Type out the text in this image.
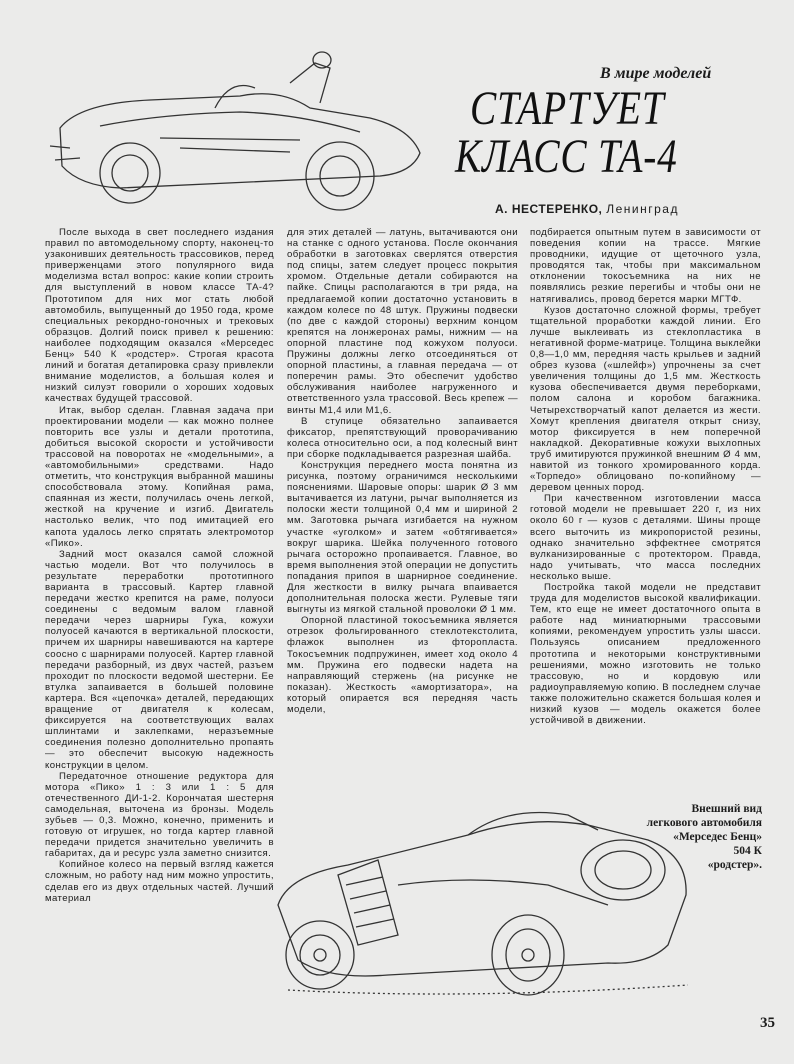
В мире моделей
СТАРТУЕТ
КЛАСС ТА-4
А. НЕСТЕРЕНКО, Ленинград

После выхода в свет последнего издания правил по автомодельному спорту, наконец-то узаконивших деятельность трассовиков, перед приверженцами этого популярного вида моделизма встал вопрос: какие копии строить для выступлений в новом классе ТА-4? Прототипом для них мог стать любой автомобиль, выпущенный до 1950 года, кроме специальных рекордно-гоночных и трековых образцов. Долгий поиск привел к решению: наиболее подходящим оказался «Мерседес Бенц» 540 К «родстер». Строгая красота линий и богатая детапировка сразу привлекли внимание моделистов, а большая колея и низкий силуэт говорили о хороших ходовых качествах будущей трассовой.

Итак, выбор сделан. Главная задача при проектировании модели — как можно полнее повторить все узлы и детали прототипа, добиться высокой скорости и устойчивости трассовой на поворотах не «модельными», а «автомобильными» средствами. Надо отметить, что конструкция выбранной машины способствовала этому. Копийная рама, спаянная из жести, получилась очень легкой, жесткой на кручение и изгиб. Двигатель настолько велик, что под имитацией его капота удалось легко спрятать электромотор «Пико».

Задний мост оказался самой сложной частью модели. Вот что получилось в результате переработки прототипного варианта в трассовый. Картер главной передачи жестко крепится на раме, полуоси соединены с ведомым валом главной передачи через шарниры Гука, кожухи полуосей качаются в вертикальной плоскости, причем их шарниры навешиваются на картере соосно с шарнирами полуосей. Картер главной передачи разборный, из двух частей, разъем проходит по плоскости ведомой шестерни. Ее втулка запаивается в большей половине картера. Вся «цепочка» деталей, передающих вращение от двигателя к колесам, фиксируется на соответствующих валах шплинтами и заклепками, неразъемные соединения полезно дополнительно пропаять — это обеспечит высокую надежность конструкции в целом.

Передаточное отношение редуктора для мотора «Пико» 1 : 3 или 1 : 5 для отечественного ДИ-1-2. Корончатая шестерня самодельная, выточена из бронзы. Модель зубьев — 0,3. Можно, конечно, применить и готовую от игрушек, но тогда картер главной передачи придется значительно увеличить в габаритах, да и ресурс узла заметно снизится.

Копийное колесо на первый взгляд кажется сложным, но работу над ним можно упростить, сделав его из двух отдельных частей. Лучший материал

для этих деталей — латунь, вытачиваются они на станке с одного установа. После окончания обработки в заготовках сверлятся отверстия под спицы, затем следует процесс покрытия хромом. Отдельные детали собираются на пайке. Спицы располагаются в три ряда, на предлагаемой копии достаточно установить в каждом колесе по 48 штук. Пружины подвески (по две с каждой стороны) верхним концом крепятся на лонжеронах рамы, нижним — на опорной пластине под кожухом полуоси. Пружины должны легко отсоединяться от опорной пластины, а главная передача — от поперечин рамы. Это обеспечит удобство обслуживания наиболее нагруженного и ответственного узла трассовой. Весь крепеж — винты М1,4 или М1,6.

В ступице обязательно запаивается фиксатор, препятствующий проворачиванию колеса относительно оси, а под колесный винт при сборке подкладывается разрезная шайба.

Конструкция переднего моста понятна из рисунка, поэтому ограничимся несколькими пояснениями. Шаровые опоры: шарик Ø 3 мм вытачивается из латуни, рычаг выполняется из полоски жести толщиной 0,4 мм и шириной 2 мм. Заготовка рычага изгибается на нужном участке «уголком» и затем «обтягивается» вокруг шарика. Шейка полученного готового рычага осторожно пропаивается. Главное, во время выполнения этой операции не допустить попадания припоя в шарнирное соединение. Для жесткости в вилку рычага впаивается дополнительная полоска жести. Рулевые тяги выгнуты из мягкой стальной проволоки Ø 1 мм.

Опорной пластиной токосъемника является отрезок фольгированного стеклотекстолита, флажок выполнен из фторопласта. Токосъемник подпружинен, имеет ход около 4 мм. Пружина его подвески надета на направляющий стержень (на рисунке не показан). Жесткость «амортизатора», на который опирается вся передняя часть модели,

подбирается опытным путем в зависимости от поведения копии на трассе. Мягкие проводники, идущие от щеточного узла, проводятся так, чтобы при максимальном отклонении токосъемника на них не появлялись резкие перегибы и чтобы они не натягивались, провод берется марки МГТФ.

Кузов достаточно сложной формы, требует тщательной проработки каждой линии. Его лучше выклеивать из стеклопластика в негативной форме-матрице. Толщина выклейки 0,8—1,0 мм, передняя часть крыльев и задний обрез кузова («шлейф») упрочнены за счет увеличения толщины до 1,5 мм. Жесткость кузова обеспечивается двумя переборками, полом салона и коробом багажника. Четырехстворчатый капот делается из жести. Хомут крепления двигателя открыт снизу, мотор фиксируется в нем поперечной накладкой. Декоративные кожухи выхлопных труб имитируются пружинкой внешним Ø 4 мм, навитой из тонкого хромированного корда. «Торпедо» облицовано по-копийному — деревом ценных пород.

При качественном изготовлении масса готовой модели не превышает 220 г, из них около 60 г — кузов с деталями. Шины проще всего выточить из микропористой резины, однако значительно эффектнее смотрятся вулканизированные с протектором. Правда, надо учитывать, что масса последних несколько выше.

Постройка такой модели не представит труда для моделистов высокой квалификации. Тем, кто еще не имеет достаточного опыта в работе над миниатюрными трассовыми копиями, рекомендуем упростить узлы шасси. Пользуясь описанием предложенного прототипа и некоторыми конструктивными решениями, можно изготовить не только трассовую, но и кордовую или радиоуправляемую копию. В последнем случае также положительно скажется большая колея и низкий кузов — модель окажется более устойчивой в движении.

Внешний вид
легкового автомобиля
«Мерседес Бенц»
504 К
«родстер».
35
